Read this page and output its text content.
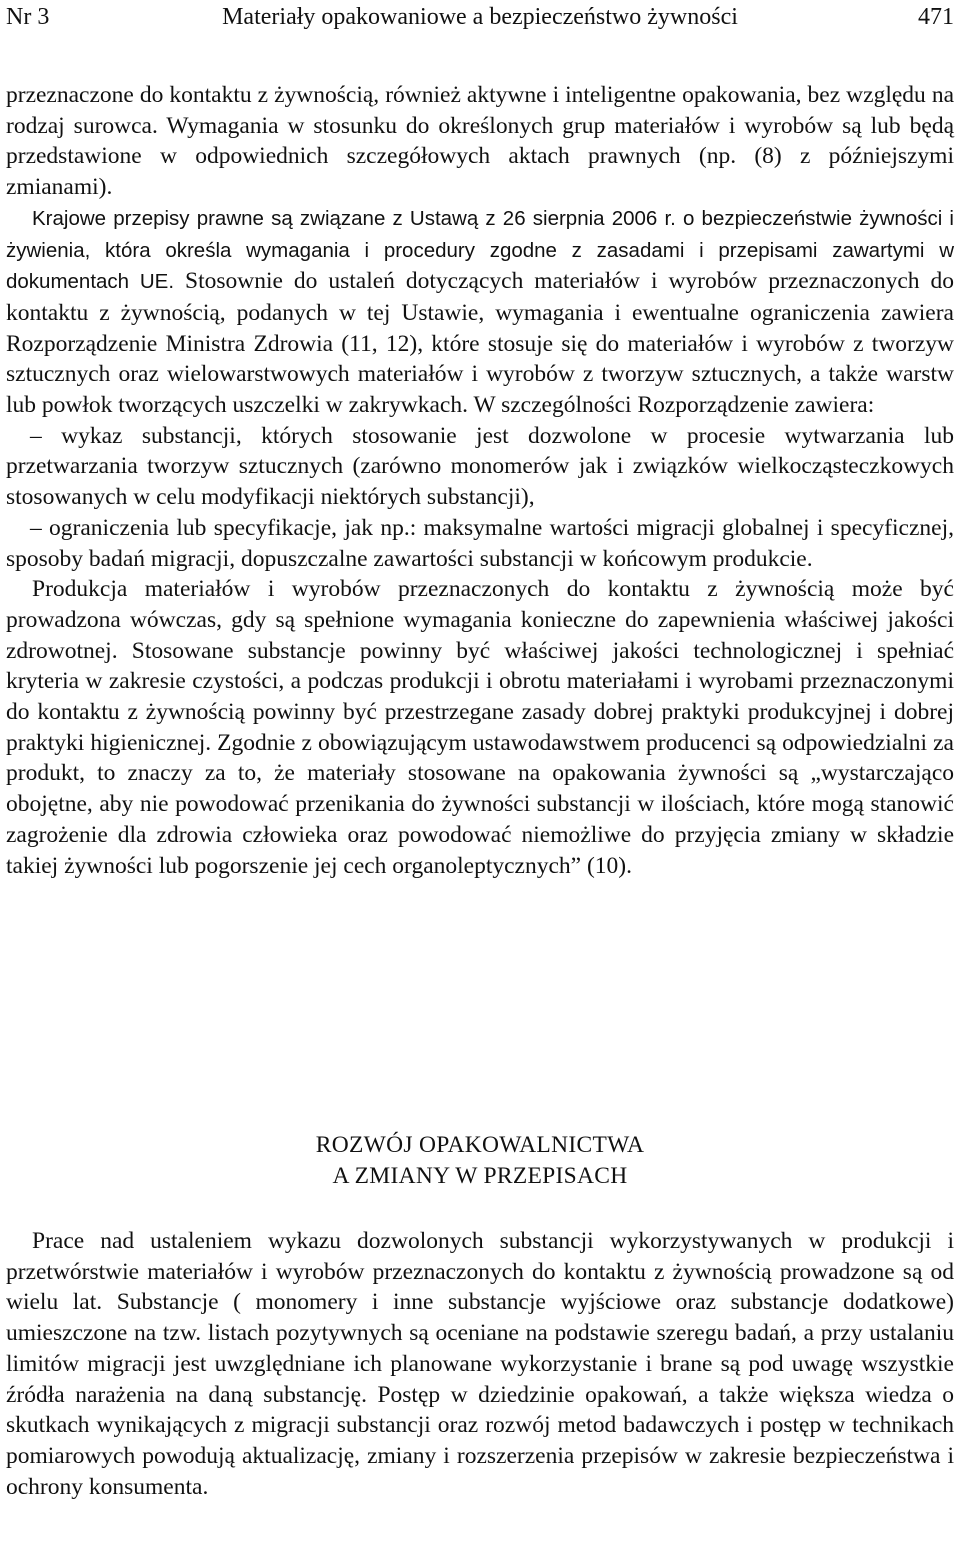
Nr 3	Materiały opakowaniowe a bezpieczeństwo żywności	471

przeznaczone do kontaktu z żywnością, również aktywne i inteligentne opakowania, bez względu na rodzaj surowca. Wymagania w stosunku do określonych grup materiałów i wyrobów są lub będą przedstawione w odpowiednich szczegółowych aktach prawnych (np. (8) z późniejszymi zmianami).

Krajowe przepisy prawne są związane z Ustawą z 26 sierpnia 2006 r. o bezpieczeństwie żywności i żywienia, która określa wymagania i procedury zgodne z zasadami i przepisami zawartymi w dokumentach UE. Stosownie do ustaleń dotyczących materiałów i wyrobów przeznaczonych do kontaktu z żywnością, podanych w tej Ustawie, wymagania i ewentualne ograniczenia zawiera Rozporządzenie Ministra Zdrowia (11, 12), które stosuje się do materiałów i wyrobów z tworzyw sztucznych oraz wielowarstwowych materiałów i wyrobów z tworzyw sztucznych, a także warstw lub powłok tworzących uszczelki w zakrywkach. W szczególności Rozporządzenie zawiera:

– wykaz substancji, których stosowanie jest dozwolone w procesie wytwarzania lub przetwarzania tworzyw sztucznych (zarówno monomerów jak i związków wielkocząsteczkowych stosowanych w celu modyfikacji niektórych substancji),

– ograniczenia lub specyfikacje, jak np.: maksymalne wartości migracji globalnej i specyficznej, sposoby badań migracji, dopuszczalne zawartości substancji w końcowym produkcie.

Produkcja materiałów i wyrobów przeznaczonych do kontaktu z żywnością może być prowadzona wówczas, gdy są spełnione wymagania konieczne do zapewnienia właściwej jakości zdrowotnej. Stosowane substancje powinny być właściwej jakości technologicznej i spełniać kryteria w zakresie czystości, a podczas produkcji i obrotu materiałami i wyrobami przeznaczonymi do kontaktu z żywnością powinny być przestrzegane zasady dobrej praktyki produkcyjnej i dobrej praktyki higienicznej. Zgodnie z obowiązującym ustawodawstwem producenci są odpowiedzialni za produkt, to znaczy za to, że materiały stosowane na opakowania żywności są „wystarczająco obojętne, aby nie powodować przenikania do żywności substancji w ilościach, które mogą stanowić zagrożenie dla zdrowia człowieka oraz powodować niemożliwe do przyjęcia zmiany w składzie takiej żywności lub pogorszenie jej cech organoleptycznych” (10).

ROZWÓJ OPAKOWALNICTWA
A ZMIANY W PRZEPISACH

Prace nad ustaleniem wykazu dozwolonych substancji wykorzystywanych w produkcji i przetwórstwie materiałów i wyrobów przeznaczonych do kontaktu z żywnością prowadzone są od wielu lat. Substancje ( monomery i inne substancje wyjściowe oraz substancje dodatkowe) umieszczone na tzw. listach pozytywnych są oceniane na podstawie szeregu badań, a przy ustalaniu limitów migracji jest uwzględniane ich planowane wykorzystanie i brane są pod uwagę wszystkie źródła narażenia na daną substancję. Postęp w dziedzinie opakowań, a także większa wiedza o skutkach wynikających z migracji substancji oraz rozwój metod badawczych i postęp w technikach pomiarowych powodują aktualizację, zmiany i rozszerzenia przepisów w zakresie bezpieczeństwa i ochrony konsumenta.
